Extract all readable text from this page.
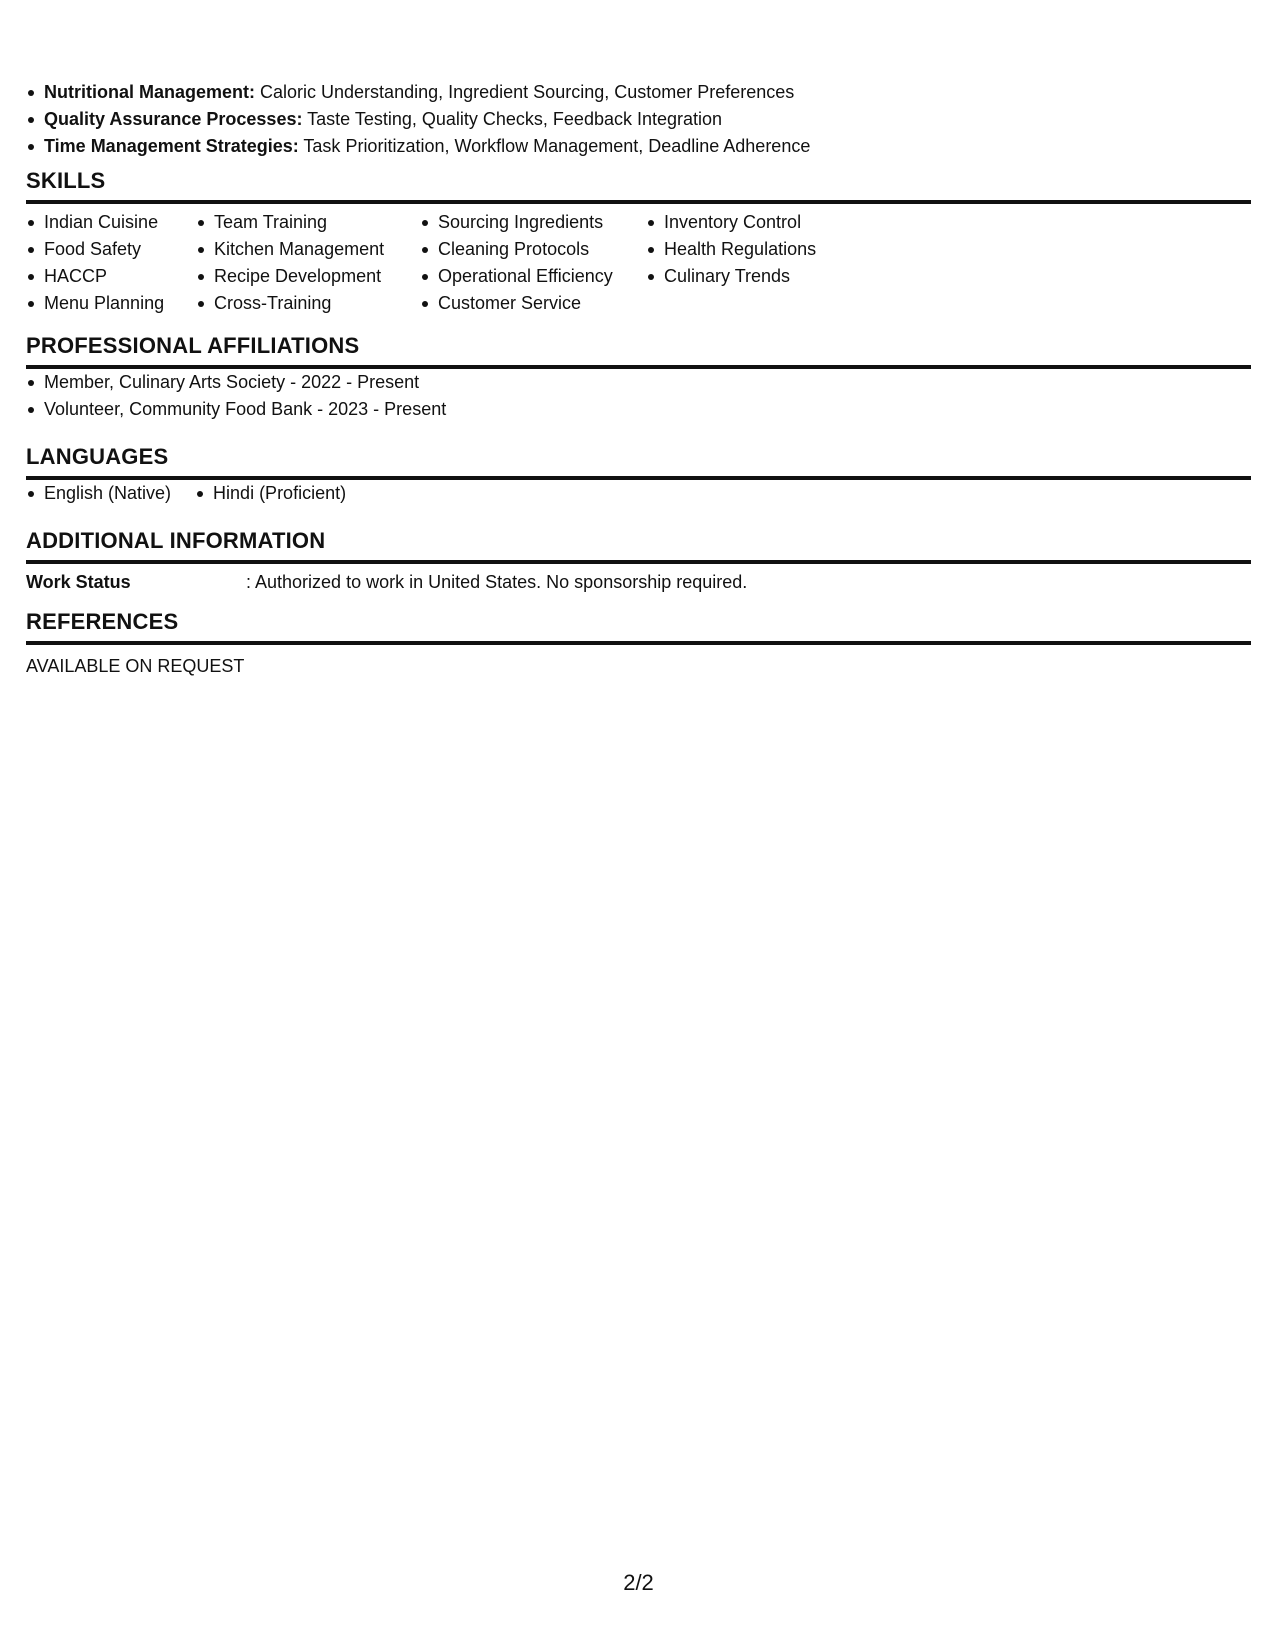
Nutritional Management: Caloric Understanding, Ingredient Sourcing, Customer Preferences
Quality Assurance Processes: Taste Testing, Quality Checks, Feedback Integration
Time Management Strategies: Task Prioritization, Workflow Management, Deadline Adherence
SKILLS
Indian Cuisine
Food Safety
HACCP
Menu Planning
Team Training
Kitchen Management
Recipe Development
Cross-Training
Sourcing Ingredients
Cleaning Protocols
Operational Efficiency
Customer Service
Inventory Control
Health Regulations
Culinary Trends
PROFESSIONAL AFFILIATIONS
Member, Culinary Arts Society - 2022 - Present
Volunteer, Community Food Bank - 2023 - Present
LANGUAGES
English (Native)	Hindi (Proficient)
ADDITIONAL INFORMATION
Work Status	: Authorized to work in United States. No sponsorship required.
REFERENCES
AVAILABLE ON REQUEST
2/2
